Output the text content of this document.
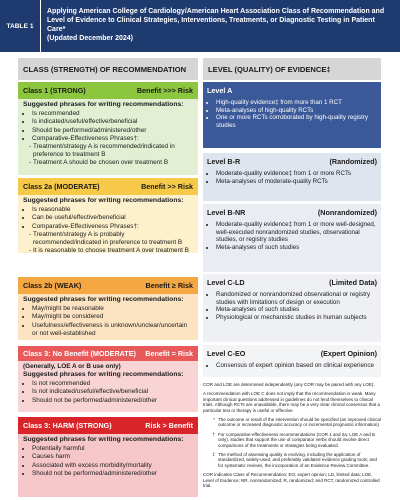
TABLE 1
Applying American College of Cardiology/American Heart Association Class of Recommendation and Level of Evidence to Clinical Strategies, Interventions, Treatments, or Diagnostic Testing in Patient Care*
(Updated December 2024)
CLASS (STRENGTH) OF RECOMMENDATION	LEVEL (QUALITY) OF EVIDENCE‡
Class 1 (STRONG)	Benefit >>> Risk
Suggested phrases for writing recommendations:
• Is recommended
• Is indicated/useful/effective/beneficial
• Should be performed/administered/other
• Comparative-Effectiveness Phrases†:
- Treatment/strategy A is recommended/indicated in preference to treatment B
- Treatment A should be chosen over treatment B
Class 2a (MODERATE)	Benefit >> Risk
Suggested phrases for writing recommendations:
• Is reasonable
• Can be useful/effective/beneficial
• Comparative-Effectiveness Phrases†:
- Treatment/strategy A is probably recommended/indicated in preference to treatment B
- It is reasonable to choose treatment A over treatment B
Class 2b (WEAK)	Benefit ≥ Risk
Suggested phrases for writing recommendations:
• May/might be reasonable
• May/might be considered
• Usefulness/effectiveness is unknown/unclear/uncertain or not well-established
Class 3: No Benefit (MODERATE) Benefit = Risk
(Generally, LOE A or B use only)
Suggested phrases for writing recommendations:
• Is not recommended
• Is not indicated/useful/effective/beneficial
• Should not be performed/administered/other
Class 3: HARM (STRONG)	Risk > Benefit
Suggested phrases for writing recommendations:
• Potentially harmful
• Causes harm
• Associated with excess morbidity/mortality
• Should not be performed/administered/other
Level A
• High-quality evidence‡ from more than 1 RCT
• Meta-analyses of high-quality RCTs
• One or more RCTs corroborated by high-quality registry studies
Level B-R	(Randomized)
• Moderate-quality evidence‡ from 1 or more RCTs
• Meta-analyses of moderate-quality RCTs
Level B-NR	(Nonrandomized)
• Moderate-quality evidence‡ from 1 or more well-designed, well-executed nonrandomized studies, observational studies, or registry studies
• Meta-analyses of such studies
Level C-LD	(Limited Data)
• Randomized or nonrandomized observational or registry studies with limitations of design or execution
• Meta-analyses of such studies
• Physiological or mechanistic studies in human subjects
Level C-EO	(Expert Opinion)
• Consensus of expert opinion based on clinical experience

COR and LOE are determined independently (any COR may be paired with any LOE).

A recommendation with LOE C does not imply that the recommendation is weak. Many important clinical questions addressed in guidelines do not lend themselves to clinical trials. Although RCTs are unavailable, there may be a very clear clinical consensus that a particular test or therapy is useful or effective.

* The outcome or result of the intervention should be specified (an improved clinical outcome or increased diagnostic accuracy or incremental prognostic information).
† For comparative-effectiveness recommendations (COR 1 and 2a; LOE A and B only), studies that support the use of comparator verbs should involve direct comparisons of the treatments or strategies being evaluated.
‡ The method of assessing quality is evolving, including the application of standardized, widely-used, and preferably validated evidence grading tools; and for systematic reviews, the incorporation of an Evidence Review Committee.

COR indicates Class of Recommendation; EO, expert opinion; LD, limited data; LOE, Level of Evidence; NR, nonrandomized; R, randomized; and RCT, randomized controlled trial.
